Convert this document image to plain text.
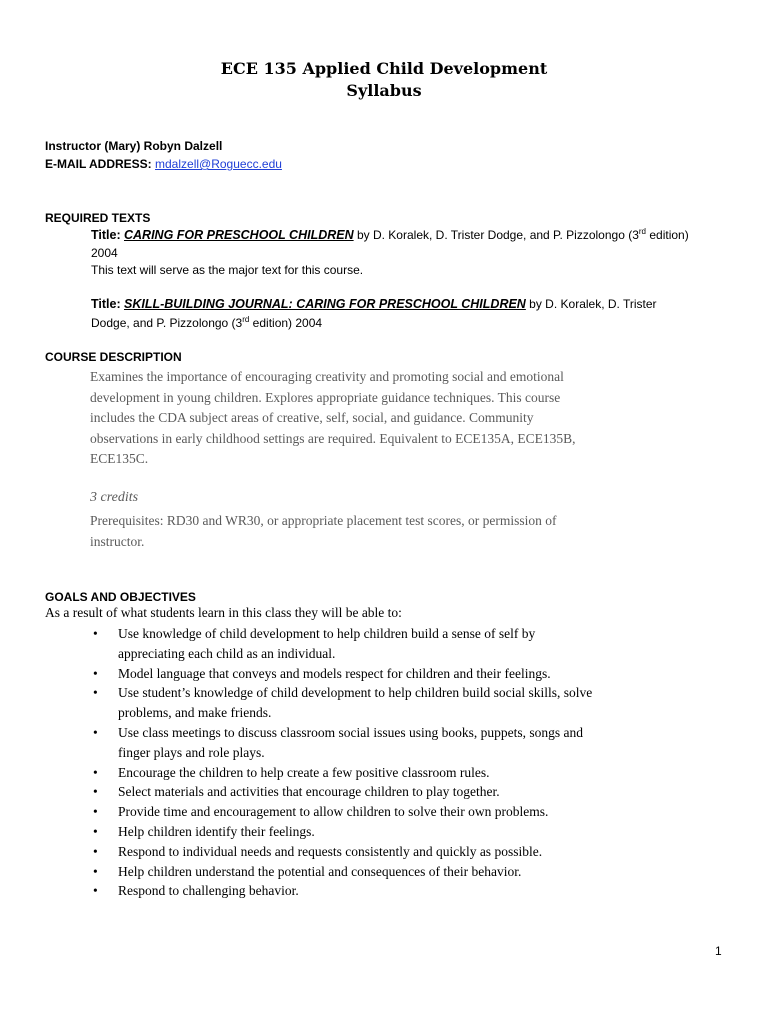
ECE 135 Applied Child Development
Syllabus
Instructor (Mary) Robyn Dalzell
E-MAIL ADDRESS: mdalzell@Roguecc.edu
REQUIRED TEXTS
Title: CARING FOR PRESCHOOL CHILDREN by D. Koralek, D. Trister Dodge, and P. Pizzolongo (3rd edition)
2004
This text will serve as the major text for this course.
Title: SKILL-BUILDING JOURNAL: CARING FOR PRESCHOOL CHILDREN by D. Koralek, D. Trister
Dodge, and P. Pizzolongo (3rd edition) 2004
COURSE DESCRIPTION
Examines the importance of encouraging creativity and promoting social and emotional
development in young children. Explores appropriate guidance techniques. This course
includes the CDA subject areas of creative, self, social, and guidance. Community
observations in early childhood settings are required. Equivalent to ECE135A, ECE135B,
ECE135C.
3 credits
Prerequisites: RD30 and WR30, or appropriate placement test scores, or permission of
instructor.
GOALS AND OBJECTIVES
As a result of what students learn in this class they will be able to:
• Use knowledge of child development to help children build a sense of self by
appreciating each child as an individual.
• Model language that conveys and models respect for children and their feelings.
• Use student’s knowledge of child development to help children build social skills, solve
problems, and make friends.
• Use class meetings to discuss classroom social issues using books, puppets, songs and
finger plays and role plays.
• Encourage the children to help create a few positive classroom rules.
• Select materials and activities that encourage children to play together.
• Provide time and encouragement to allow children to solve their own problems.
• Help children identify their feelings.
• Respond to individual needs and requests consistently and quickly as possible.
• Help children understand the potential and consequences of their behavior.
• Respond to challenging behavior.
1
